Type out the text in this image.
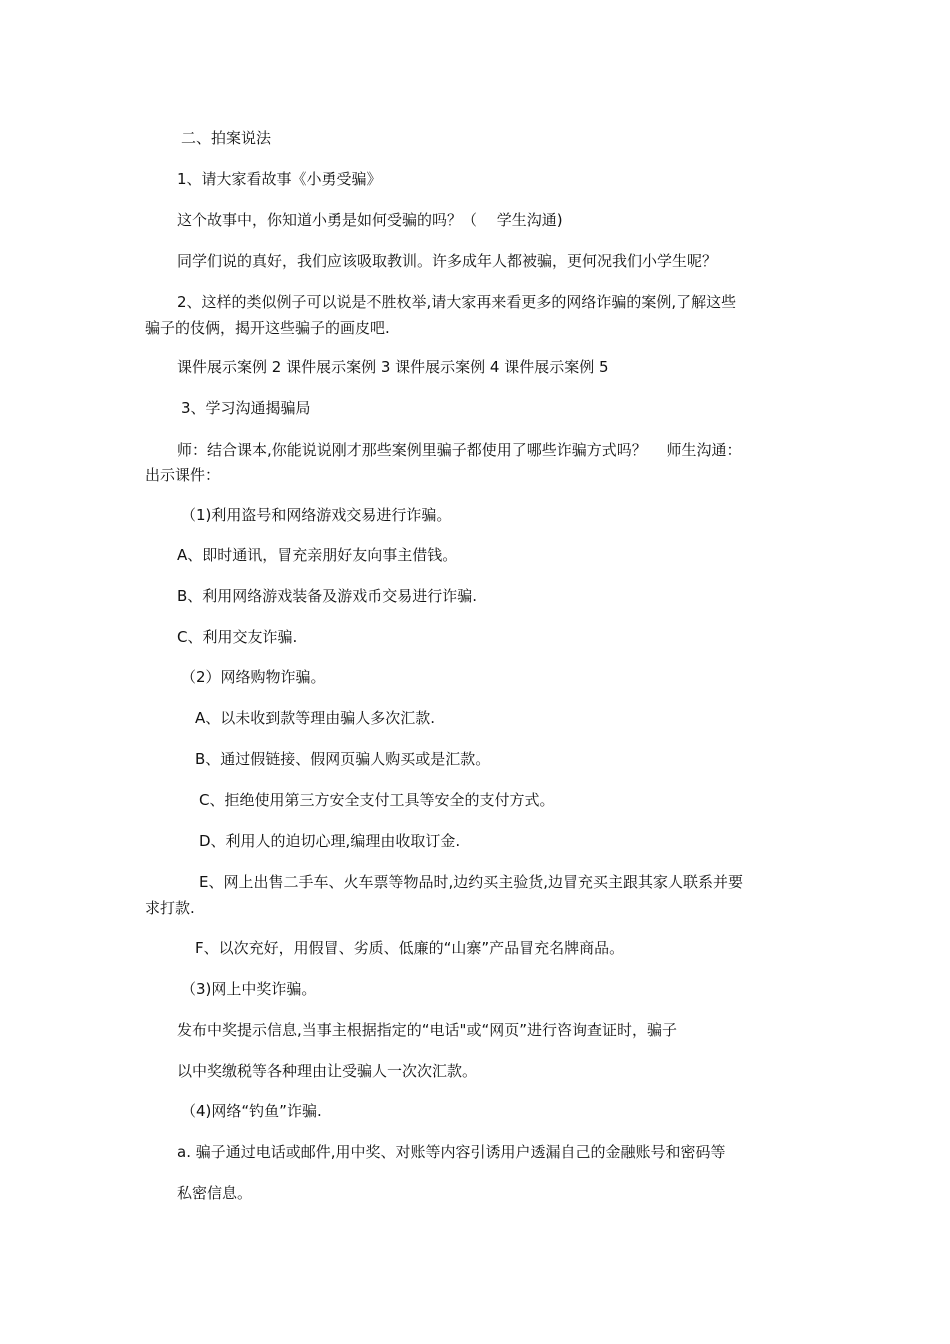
二、拍案说法
1、请大家看故事《小勇受骗》
这个故事中，你知道小勇是如何受骗的吗？（　 学生沟通)
同学们说的真好，我们应该吸取教训。许多成年人都被骗，更何况我们小学生呢？
2、这样的类似例子可以说是不胜枚举,请大家再来看更多的网络诈骗的案例,了解这些
骗子的伎俩，揭开这些骗子的画皮吧.
课件展示案例 2 课件展示案例 3 课件展示案例 4 课件展示案例 5
3、学习沟通揭骗局
师：结合课本,你能说说刚才那些案例里骗子都使用了哪些诈骗方式吗？　 师生沟通：
出示课件：
（1)利用盗号和网络游戏交易进行诈骗。
A、即时通讯，冒充亲朋好友向事主借钱。
B、利用网络游戏装备及游戏币交易进行诈骗.
C、利用交友诈骗.
（2）网络购物诈骗。
A、以未收到款等理由骗人多次汇款.
B、通过假链接、假网页骗人购买或是汇款。
C、拒绝使用第三方安全支付工具等安全的支付方式。
D、利用人的迫切心理,编理由收取订金.
E、网上出售二手车、火车票等物品时,边约买主验货,边冒充买主跟其家人联系并要
求打款.
F、以次充好，用假冒、劣质、低廉的“山寨”产品冒充名牌商品。
（3)网上中奖诈骗。
发布中奖提示信息,当事主根据指定的“电话"或“网页”进行咨询查证时，骗子
以中奖缴税等各种理由让受骗人一次次汇款。
（4)网络“钓鱼”诈骗.
a. 骗子通过电话或邮件,用中奖、对账等内容引诱用户透漏自己的金融账号和密码等
私密信息。
